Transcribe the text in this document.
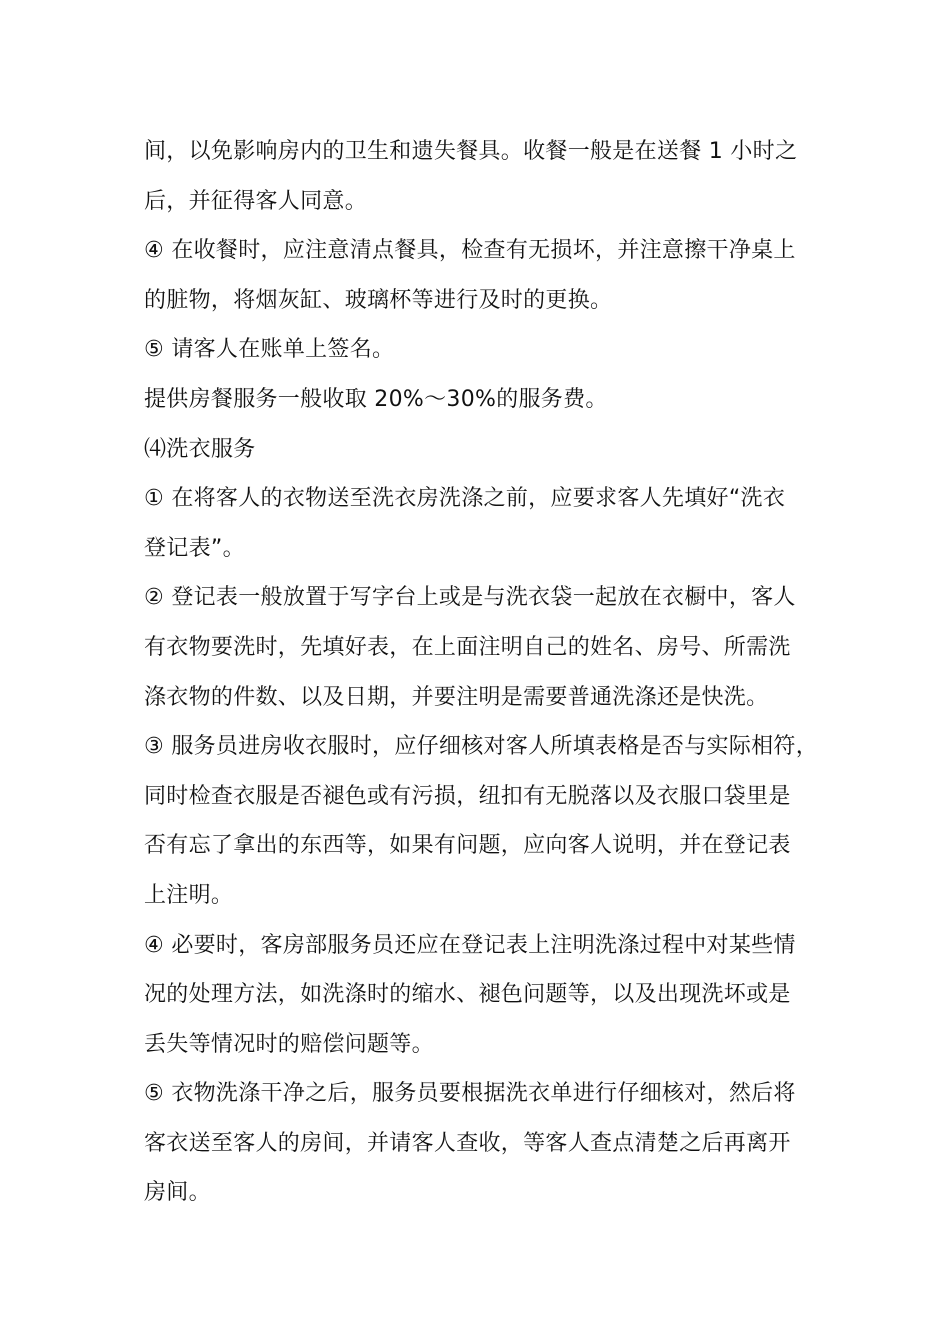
间，以免影响房内的卫生和遗失餐具。收餐一般是在送餐 1 小时之
后，并征得客人同意。
④ 在收餐时，应注意清点餐具，检查有无损坏，并注意擦干净桌上
的脏物，将烟灰缸、玻璃杯等进行及时的更换。
⑤ 请客人在账单上签名。
提供房餐服务一般收取 20%～30%的服务费。
⑷洗衣服务
① 在将客人的衣物送至洗衣房洗涤之前，应要求客人先填好“洗衣
登记表”。
② 登记表一般放置于写字台上或是与洗衣袋一起放在衣橱中，客人
有衣物要洗时，先填好表，在上面注明自己的姓名、房号、所需洗
涤衣物的件数、以及日期，并要注明是需要普通洗涤还是快洗。
③ 服务员进房收衣服时，应仔细核对客人所填表格是否与实际相符，
同时检查衣服是否褪色或有污损，纽扣有无脱落以及衣服口袋里是
否有忘了拿出的东西等，如果有问题，应向客人说明，并在登记表
上注明。
④ 必要时，客房部服务员还应在登记表上注明洗涤过程中对某些情
况的处理方法，如洗涤时的缩水、褪色问题等，以及出现洗坏或是
丢失等情况时的赔偿问题等。
⑤ 衣物洗涤干净之后，服务员要根据洗衣单进行仔细核对，然后将
客衣送至客人的房间，并请客人查收，等客人查点清楚之后再离开
房间。
